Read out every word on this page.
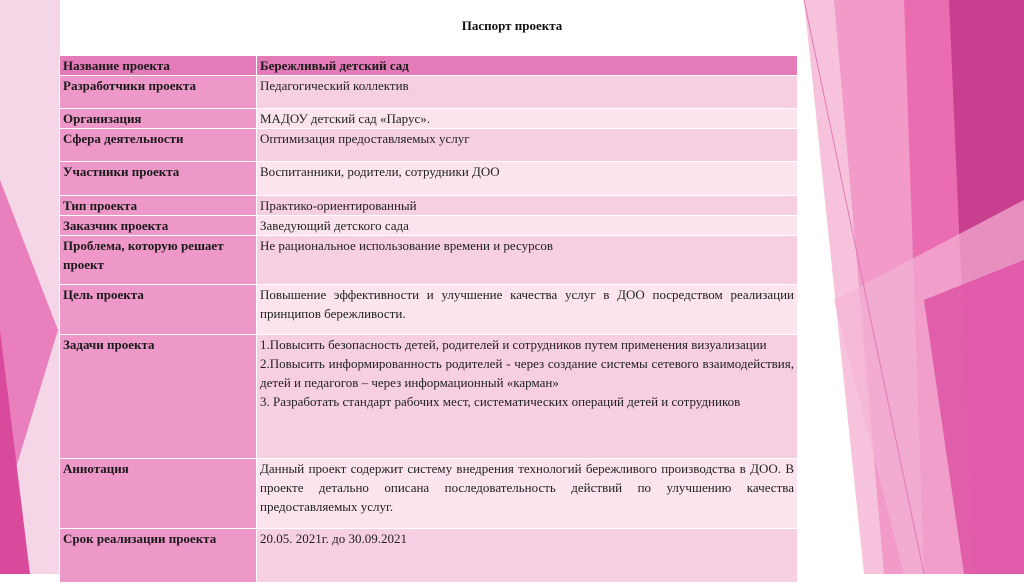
Паспорт проекта
Название проекта	Бережливый детский сад
Разработчики проекта	Педагогический коллектив
Организация	МАДОУ детский сад «Парус».
Сфера деятельности	Оптимизация предоставляемых услуг
Участники проекта	Воспитанники, родители, сотрудники ДОО
Тип проекта	Практико-ориентированный
Заказчик проекта	Заведующий детского сада
Проблема, которую решает проект	Не рациональное использование времени и ресурсов
Цель проекта	Повышение эффективности и улучшение качества услуг в ДОО посредством реализации принципов бережливости.
Задачи проекта	1.Повысить безопасность детей, родителей и сотрудников путем применения визуализации
2.Повысить информированность родителей - через создание системы сетевого взаимодействия, детей и педагогов – через информационный «карман»
3. Разработать стандарт рабочих мест, систематических операций детей и сотрудников

Аннотация	Данный проект содержит систему внедрения технологий бережливого производства в ДОО. В проекте детально описана последовательность действий по улучшению качества предоставляемых услуг.
Срок реализации проекта	20.05. 2021г. до 30.09.2021
